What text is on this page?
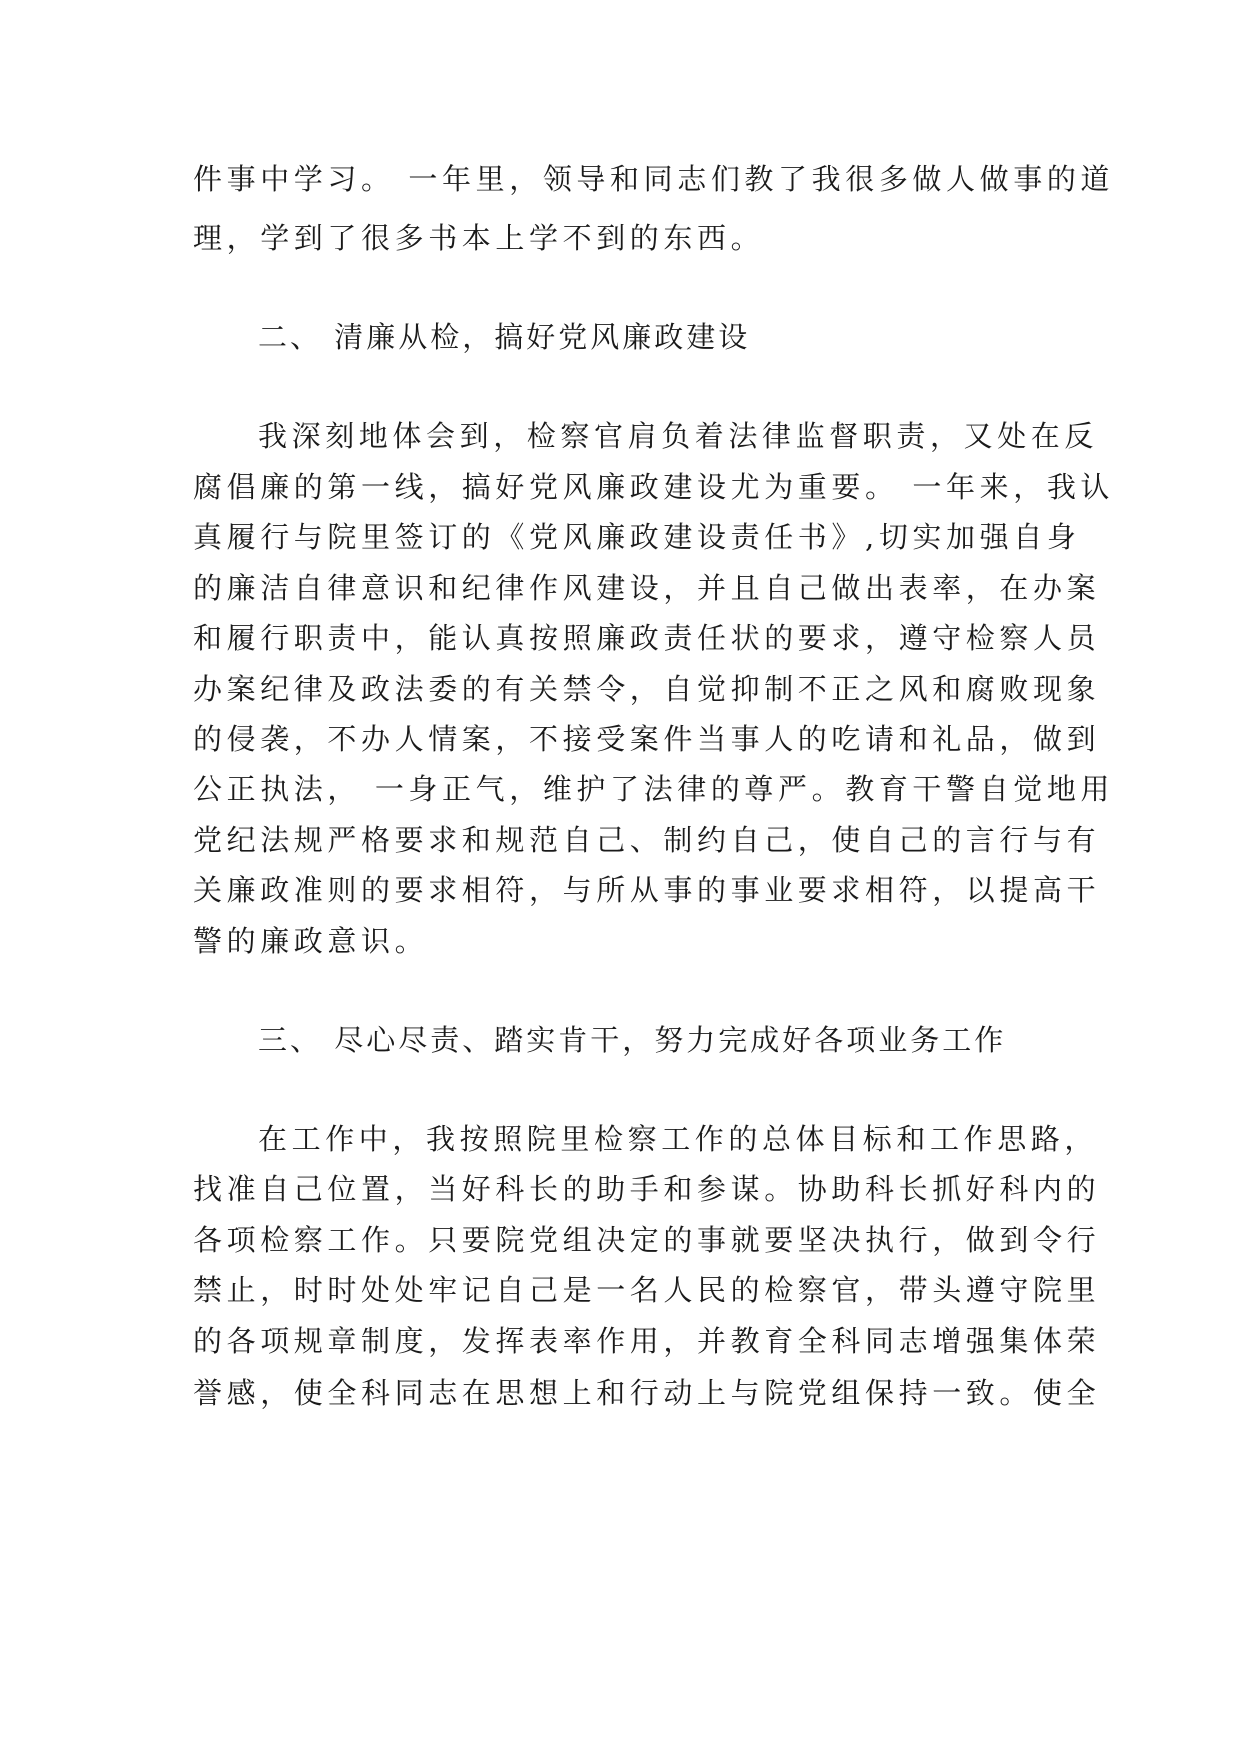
件事中学习。 一年里，领导和同志们教了我很多做人做事的道
理，学到了很多书本上学不到的东西。
二、 清廉从检，搞好党风廉政建设
我深刻地体会到，检察官肩负着法律监督职责，又处在反
腐倡廉的第一线，搞好党风廉政建设尤为重要。 一年来，我认
真履行与院里签订的《党风廉政建设责任书》,切实加强自身
的廉洁自律意识和纪律作风建设，并且自己做出表率，在办案
和履行职责中，能认真按照廉政责任状的要求，遵守检察人员
办案纪律及政法委的有关禁令，自觉抑制不正之风和腐败现象
的侵袭，不办人情案，不接受案件当事人的吃请和礼品，做到
公正执法， 一身正气，维护了法律的尊严。教育干警自觉地用
党纪法规严格要求和规范自己、制约自己，使自己的言行与有
关廉政准则的要求相符，与所从事的事业要求相符，以提高干
警的廉政意识。
三、 尽心尽责、踏实肯干，努力完成好各项业务工作
在工作中，我按照院里检察工作的总体目标和工作思路，
找准自己位置，当好科长的助手和参谋。协助科长抓好科内的
各项检察工作。只要院党组决定的事就要坚决执行，做到令行
禁止，时时处处牢记自己是一名人民的检察官，带头遵守院里
的各项规章制度，发挥表率作用，并教育全科同志增强集体荣
誉感，使全科同志在思想上和行动上与院党组保持一致。使全
